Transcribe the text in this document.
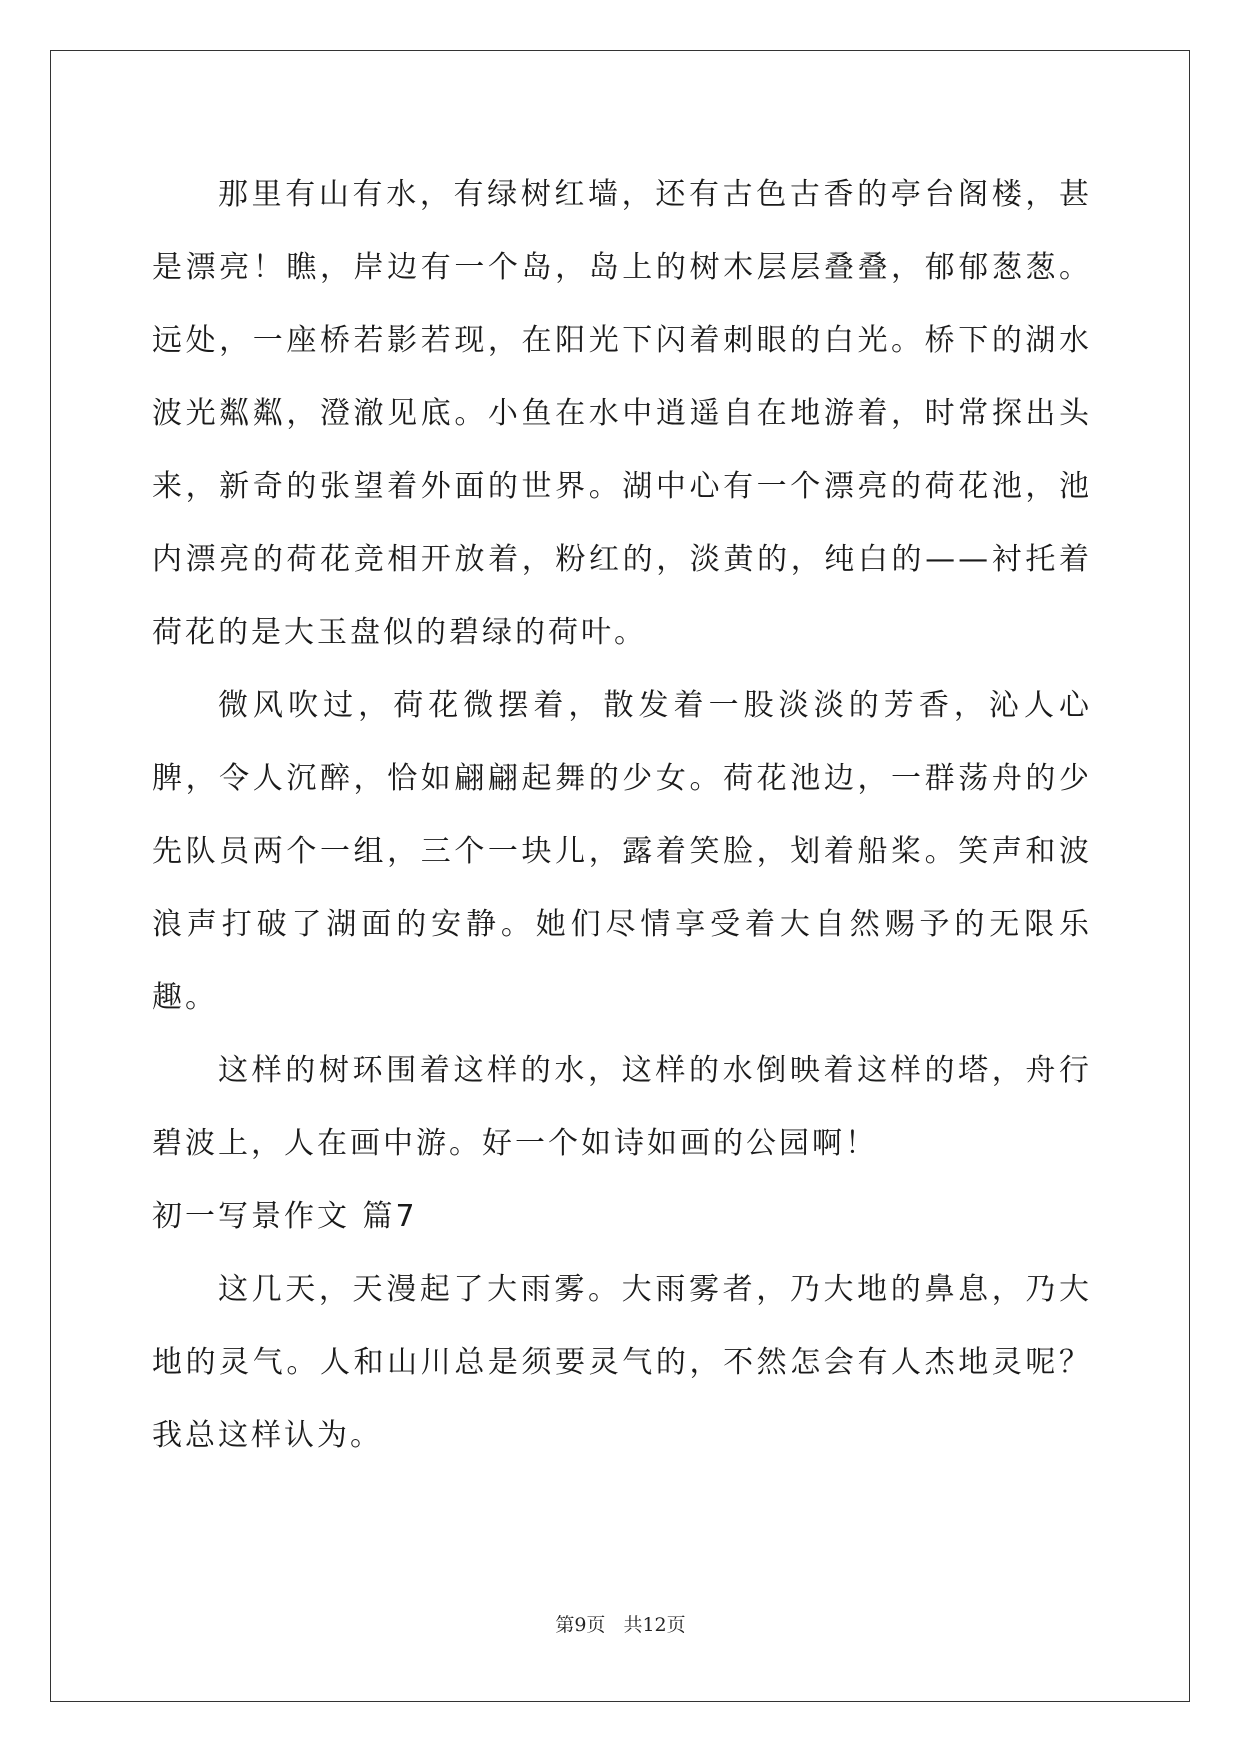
那里有山有水，有绿树红墙，还有古色古香的亭台阁楼，甚是漂亮！瞧，岸边有一个岛，岛上的树木层层叠叠，郁郁葱葱。远处，一座桥若影若现，在阳光下闪着刺眼的白光。桥下的湖水波光粼粼，澄澈见底。小鱼在水中逍遥自在地游着，时常探出头来，新奇的张望着外面的世界。湖中心有一个漂亮的荷花池，池内漂亮的荷花竞相开放着，粉红的，淡黄的，纯白的——衬托着荷花的是大玉盘似的碧绿的荷叶。

微风吹过，荷花微摆着，散发着一股淡淡的芳香，沁人心脾，令人沉醉，恰如翩翩起舞的少女。荷花池边，一群荡舟的少先队员两个一组，三个一块儿，露着笑脸，划着船桨。笑声和波浪声打破了湖面的安静。她们尽情享受着大自然赐予的无限乐趣。

这样的树环围着这样的水，这样的水倒映着这样的塔，舟行碧波上，人在画中游。好一个如诗如画的公园啊！

初一写景作文 篇7

这几天，天漫起了大雨雾。大雨雾者，乃大地的鼻息，乃大地的灵气。人和山川总是须要灵气的，不然怎会有人杰地灵呢？我总这样认为。

第9页 共12页
